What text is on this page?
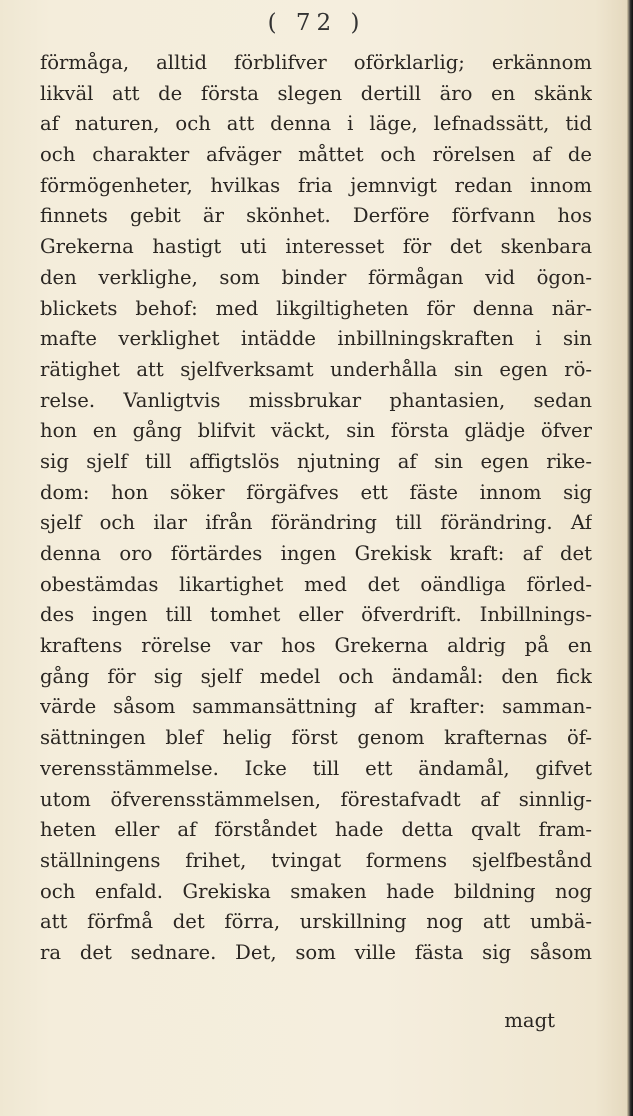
( 72 )
förmåga, alltid förblifver oförklarlig; erkännom
likväl att de första slegen dertill äro en skänk
af naturen, och att denna i läge, lefnadssätt, tid
och charakter afväger måttet och rörelsen af de
förmögenheter, hvilkas fria jemnvigt redan innom
finnets gebit är skönhet. Derföre förfvann hos
Grekerna hastigt uti interesset för det skenbara
den verklighe, som binder förmågan vid ögon-
blickets behof: med likgiltigheten för denna när-
mafte verklighet intädde inbillningskraften i sin
rätighet att sjelfverksamt underhålla sin egen rö-
relse. Vanligtvis missbrukar phantasien, sedan
hon en gång blifvit väckt, sin första glädje öfver
sig sjelf till affigtslös njutning af sin egen rike-
dom: hon söker förgäfves ett fäste innom sig
sjelf och ilar ifrån förändring till förändring. Af
denna oro förtärdes ingen Grekisk kraft: af det
obestämdas likartighet med det oändliga förled-
des ingen till tomhet eller öfverdrift. Inbillnings-
kraftens rörelse var hos Grekerna aldrig på en
gång för sig sjelf medel och ändamål: den fick
värde såsom sammansättning af krafter: samman-
sättningen blef helig först genom krafternas öf-
verensstämmelse. Icke till ett ändamål, gifvet
utom öfverensstämmelsen, förestafvadt af sinnlig-
heten eller af förståndet hade detta qvalt fram-
ställningens frihet, tvingat formens sjelfbestånd
och enfald. Grekiska smaken hade bildning nog
att förfmå det förra, urskillning nog att umbä-
ra det sednare. Det, som ville fästa sig såsom
magt
